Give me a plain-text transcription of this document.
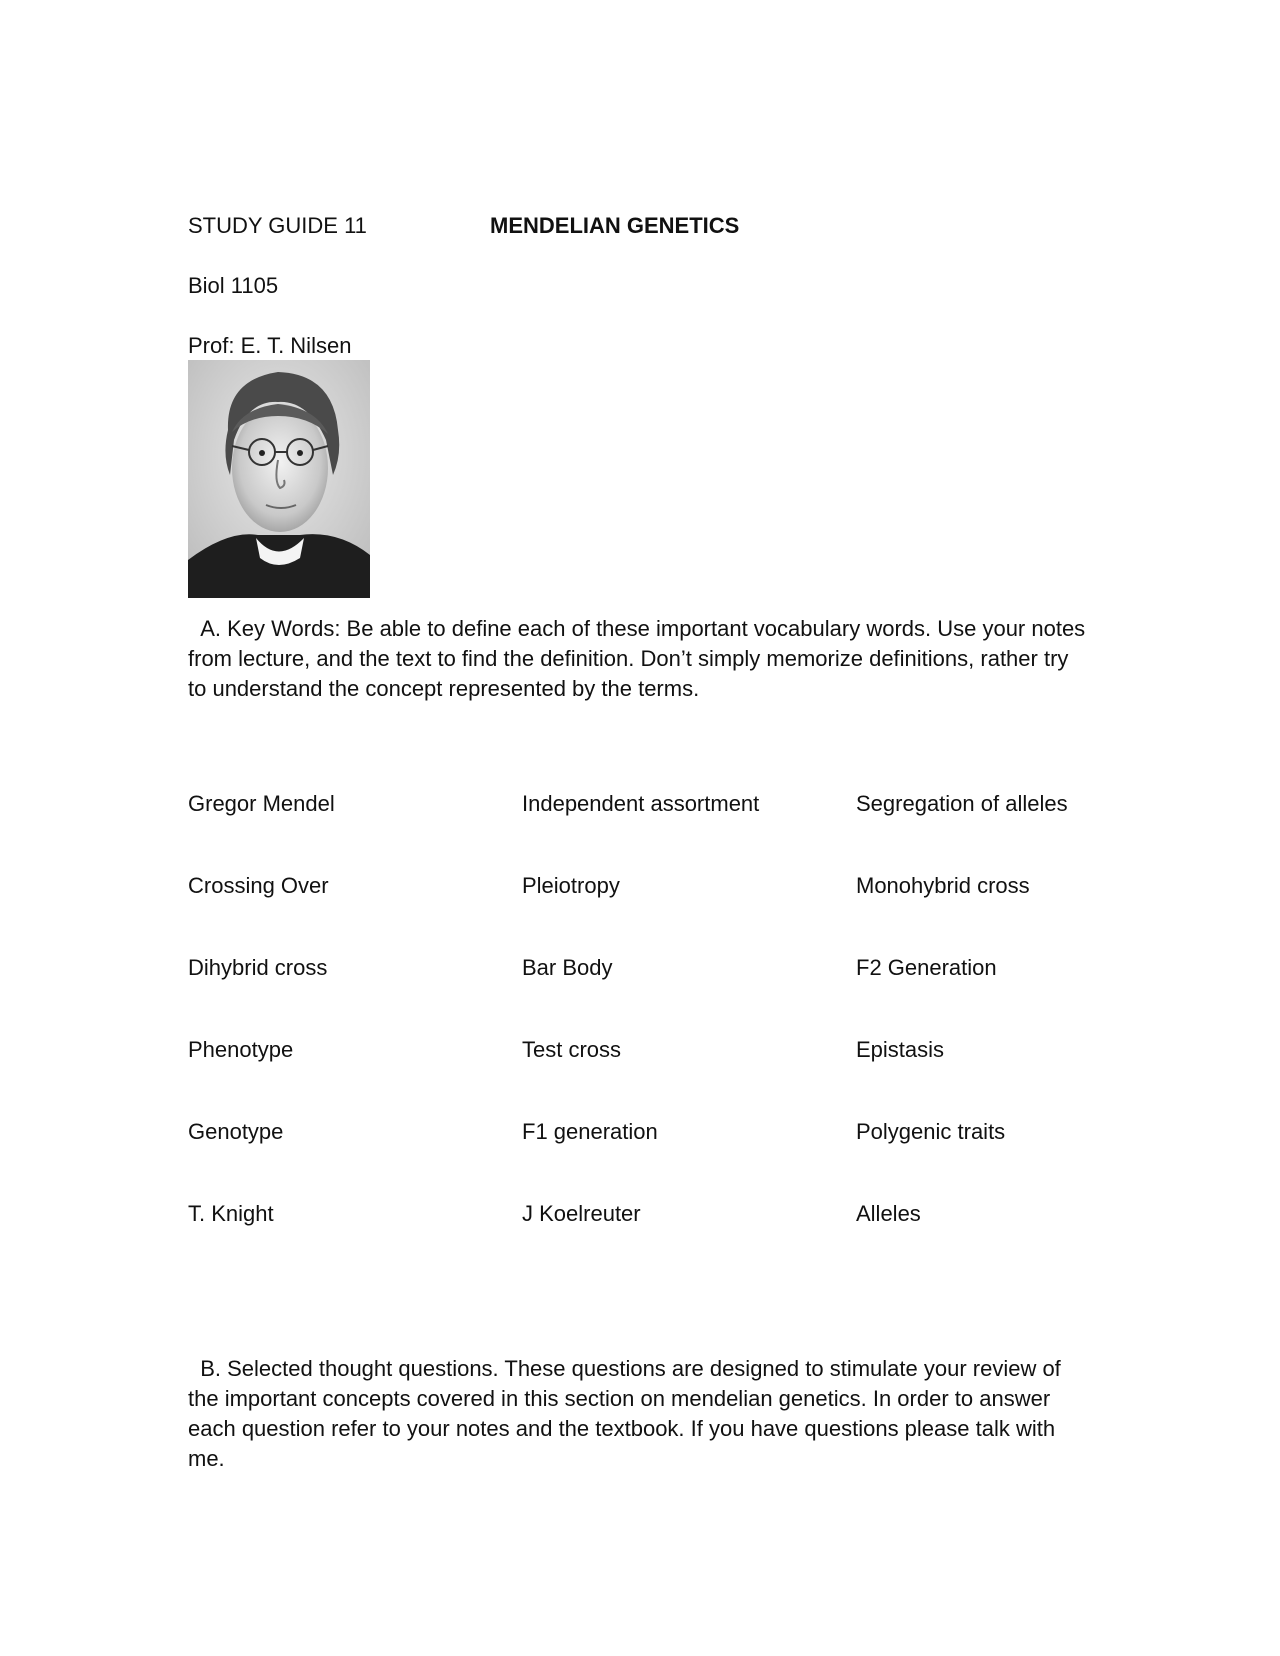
STUDY GUIDE 11	MENDELIAN GENETICS
Biol 1105
Prof: E. T. Nilsen
A. Key Words: Be able to define each of these important vocabulary words. Use your notes from lecture, and the text to find the definition. Don’t simply memorize definitions, rather try to understand the concept represented by the terms.
Gregor Mendel	Independent assortment	Segregation of alleles
Crossing Over	Pleiotropy	Monohybrid cross
Dihybrid cross	Bar Body	F2 Generation
Phenotype	Test cross	Epistasis
Genotype	F1 generation	Polygenic traits
T. Knight	J Koelreuter	Alleles
B. Selected thought questions. These questions are designed to stimulate your review of the important concepts covered in this section on mendelian genetics. In order to answer each question refer to your notes and the textbook. If you have questions please talk with me.
